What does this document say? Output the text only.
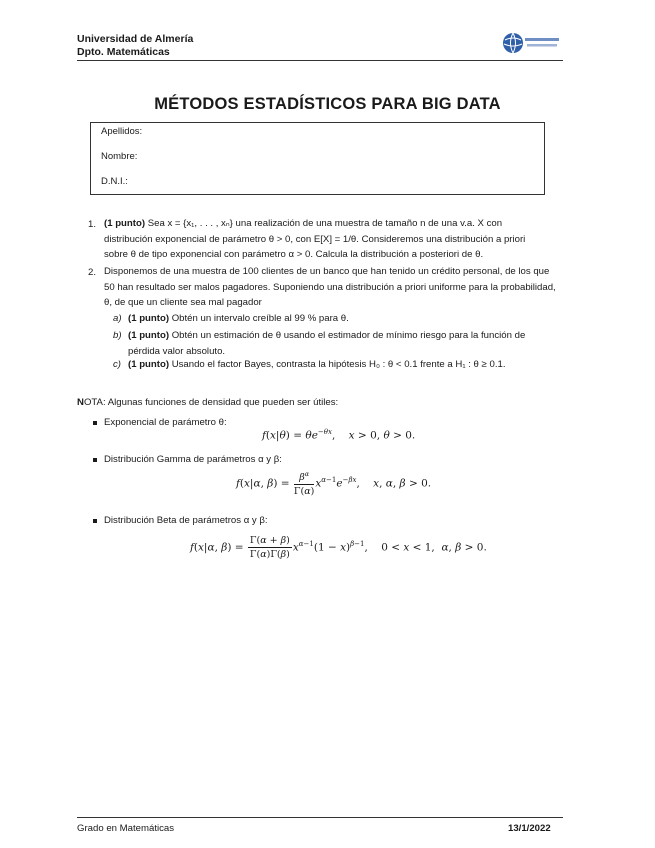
Universidad de Almería
Dpto. Matemáticas
MÉTODOS ESTADÍSTICOS PARA BIG DATA
Apellidos:
Nombre:
D.N.I.:
1. (1 punto) Sea x = {x₁, . . . , xₙ} una realización de una muestra de tamaño n de una v.a. X con
distribución exponencial de parámetro θ > 0, con E[X] = 1/θ. Consideremos una distribución a priori
sobre θ de tipo exponencial con parámetro α > 0. Calcula la distribución a posteriori de θ.
2. Disponemos de una muestra de 100 clientes de un banco que han tenido un crédito personal, de los que
50 han resultado ser malos pagadores. Suponiendo una distribución a priori uniforme para la probabilidad,
θ, de que un cliente sea mal pagador
a) (1 punto) Obtén un intervalo creíble al 99 % para θ.
b) (1 punto) Obtén un estimación de θ usando el estimador de mínimo riesgo para la función de
pérdida valor absoluto.
c) (1 punto) Usando el factor Bayes, contrasta la hipótesis H₀ : θ < 0.1 frente a H₁ : θ ≥ 0.1.
NOTA: Algunas funciones de densidad que pueden ser útiles:
Exponencial de parámetro θ:
$f(x|\theta) = \theta e^{-\theta x}$,    x > 0, θ > 0.
Distribución Gamma de parámetros α y β:
f(x|α, $\beta) = \frac{\beta^\alpha}{\Gamma(\alpha)} x^{\alpha-1}e^{-\beta x}$,    x, α, β > 0.
Distribución Beta de parámetros α y β:
f(x|α, $\beta) = \frac{\Gamma(\alpha + \beta)}{\Gamma(\alpha)\Gamma(\beta)} x^{\alpha-1}(1 - x)^{\beta-1}$,    0 < x < 1,  α, β > 0.
Grado en Matemáticas	13/1/2022
